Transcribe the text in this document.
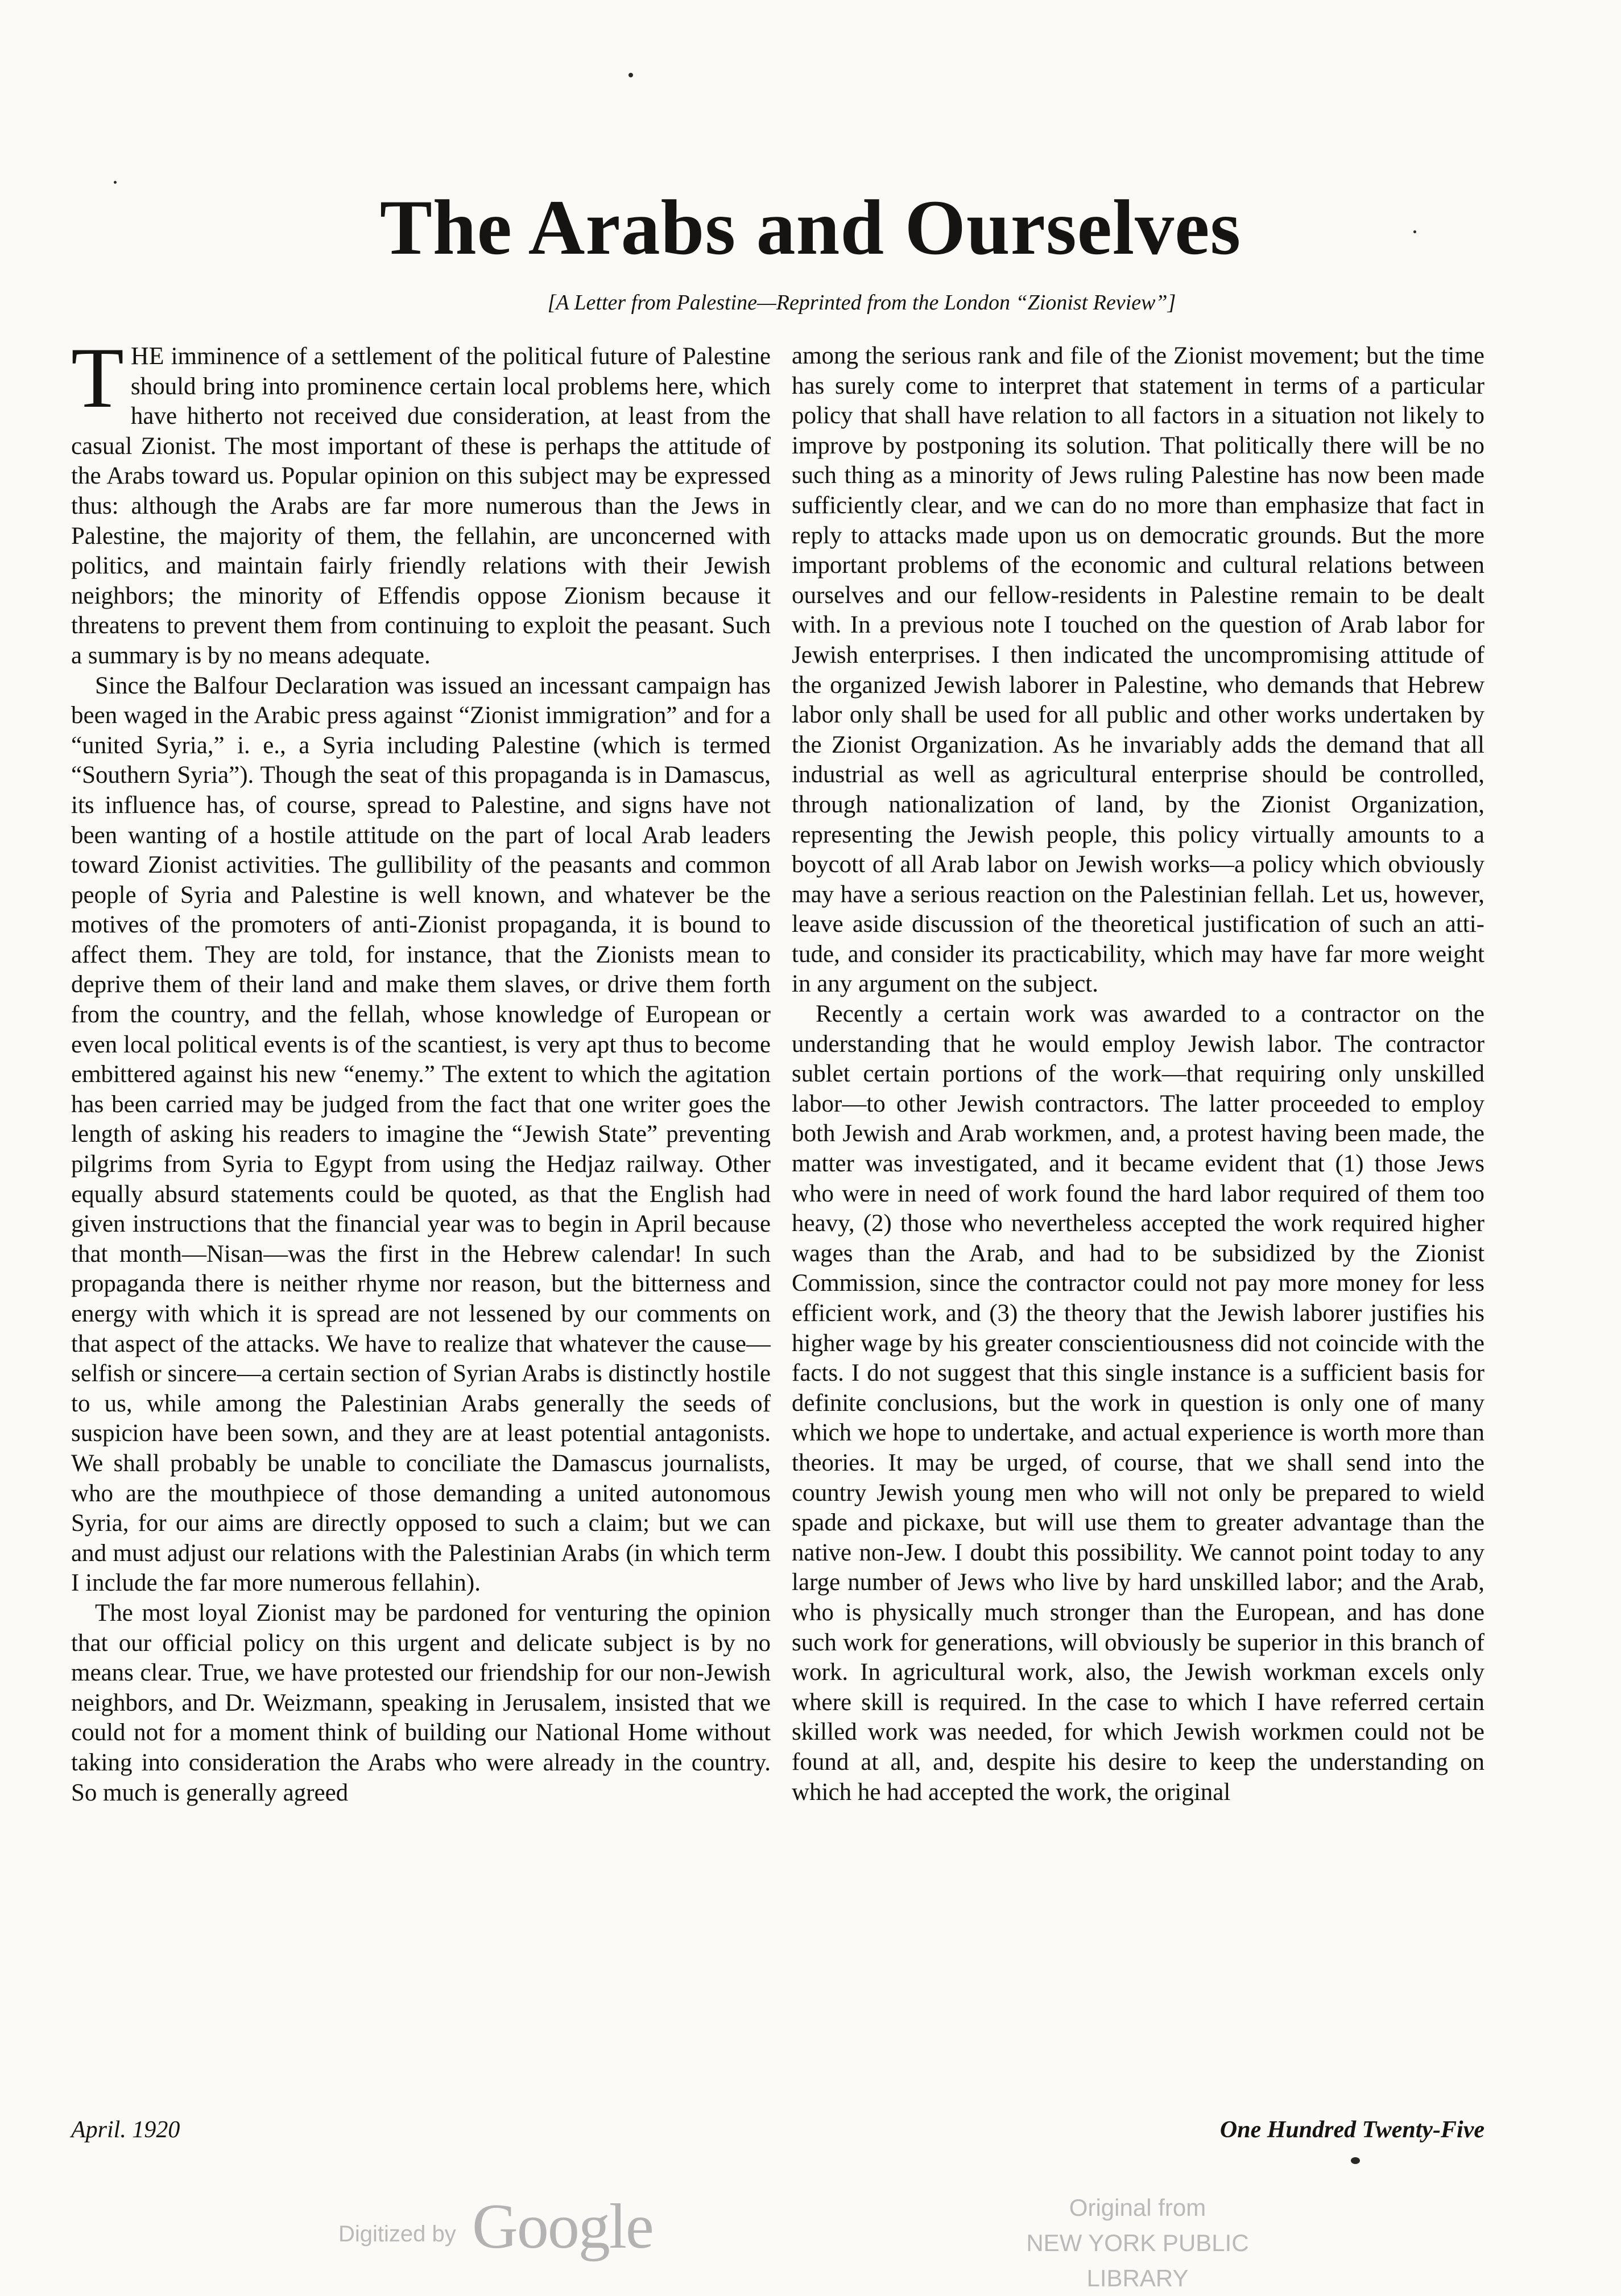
The Arabs and Ourselves
[A Letter from Palestine—Reprinted from the London “Zionist Review”]

THE imminence of a settlement of the political future of Palestine should bring into prominence certain local problems here, which have hitherto not received due consideration, at least from the casual Zionist. The most important of these is perhaps the attitude of the Arabs toward us. Popular opinion on this subject may be expressed thus: although the Arabs are far more numerous than the Jews in Palestine, the majority of them, the fellahin, are unconcerned with politics, and maintain fairly friendly relations with their Jewish neighbors; the minority of Effendis oppose Zionism because it threatens to prevent them from continuing to exploit the peasant. Such a summary is by no means adequate.

Since the Balfour Declaration was issued an incessant campaign has been waged in the Arabic press against “Zionist immigration” and for a “united Syria,” i. e., a Syria including Palestine (which is termed “Southern Syria”). Though the seat of this propaganda is in Damascus, its influence has, of course, spread to Palestine, and signs have not been wanting of a hostile attitude on the part of local Arab leaders toward Zionist activities. The gullibility of the peasants and common people of Syria and Palestine is well known, and whatever be the motives of the promoters of anti-Zionist propaganda, it is bound to affect them. They are told, for instance, that the Zionists mean to deprive them of their land and make them slaves, or drive them forth from the country, and the fellah, whose knowledge of European or even local political events is of the scantiest, is very apt thus to become embittered against his new “enemy.” The extent to which the agitation has been carried may be judged from the fact that one writer goes the length of asking his readers to imagine the “Jewish State” preventing pilgrims from Syria to Egypt from using the Hedjaz railway. Other equally absurd statements could be quoted, as that the English had given instructions that the financial year was to begin in April because that month—Nisan—was the first in the Hebrew calendar! In such propaganda there is neither rhyme nor reason, but the bitterness and energy with which it is spread are not lessened by our comments on that aspect of the attacks. We have to realize that whatever the cause—selfish or sincere—a certain section of Syrian Arabs is distinctly hostile to us, while among the Palestinian Arabs generally the seeds of suspicion have been sown, and they are at least potential antagonists. We shall probably be unable to conciliate the Damascus journalists, who are the mouthpiece of those demanding a united autonomous Syria, for our aims are directly opposed to such a claim; but we can and must adjust our relations with the Palestinian Arabs (in which term I include the far more numerous fellahin).

The most loyal Zionist may be pardoned for venturing the opinion that our official policy on this urgent and delicate subject is by no means clear. True, we have protested our friendship for our non-Jewish neighbors, and Dr. Weizmann, speaking in Jerusalem, insisted that we could not for a moment think of building our National Home without taking into consideration the Arabs who were already in the country. So much is generally agreed

among the serious rank and file of the Zionist movement; but the time has surely come to interpret that statement in terms of a particular policy that shall have relation to all factors in a situation not likely to improve by postponing its solution. That politically there will be no such thing as a minority of Jews ruling Palestine has now been made sufficiently clear, and we can do no more than emphasize that fact in reply to attacks made upon us on democratic grounds. But the more important problems of the economic and cultural relations between ourselves and our fellow-residents in Palestine remain to be dealt with. In a previous note I touched on the question of Arab labor for Jewish enterprises. I then indicated the uncompromising attitude of the organized Jewish laborer in Palestine, who demands that Hebrew labor only shall be used for all public and other works undertaken by the Zionist Organization. As he invariably adds the demand that all industrial as well as agricultural enterprise should be controlled, through nationalization of land, by the Zionist Organization, representing the Jewish people, this policy virtually amounts to a boycott of all Arab labor on Jewish works—a policy which obviously may have a serious reaction on the Palestinian fellah. Let us, however, leave aside discussion of the theoretical justification of such an attitude, and consider its practicability, which may have far more weight in any argument on the subject.

Recently a certain work was awarded to a contractor on the understanding that he would employ Jewish labor. The contractor sublet certain portions of the work—that requiring only unskilled labor—to other Jewish contractors. The latter proceeded to employ both Jewish and Arab workmen, and, a protest having been made, the matter was investigated, and it became evident that (1) those Jews who were in need of work found the hard labor required of them too heavy, (2) those who nevertheless accepted the work required higher wages than the Arab, and had to be subsidized by the Zionist Commission, since the contractor could not pay more money for less efficient work, and (3) the theory that the Jewish laborer justifies his higher wage by his greater conscientiousness did not coincide with the facts. I do not suggest that this single instance is a sufficient basis for definite conclusions, but the work in question is only one of many which we hope to undertake, and actual experience is worth more than theories. It may be urged, of course, that we shall send into the country Jewish young men who will not only be prepared to wield spade and pickaxe, but will use them to greater advantage than the native non-Jew. I doubt this possibility. We cannot point today to any large number of Jews who live by hard unskilled labor; and the Arab, who is physically much stronger than the European, and has done such work for generations, will obviously be superior in this branch of work. In agricultural work, also, the Jewish workman excels only where skill is required. In the case to which I have referred certain skilled work was needed, for which Jewish workmen could not be found at all, and, despite his desire to keep the understanding on which he had accepted the work, the original

April. 1920	One Hundred Twenty-Five
Digitized by Google	Original from
NEW YORK PUBLIC LIBRARY
